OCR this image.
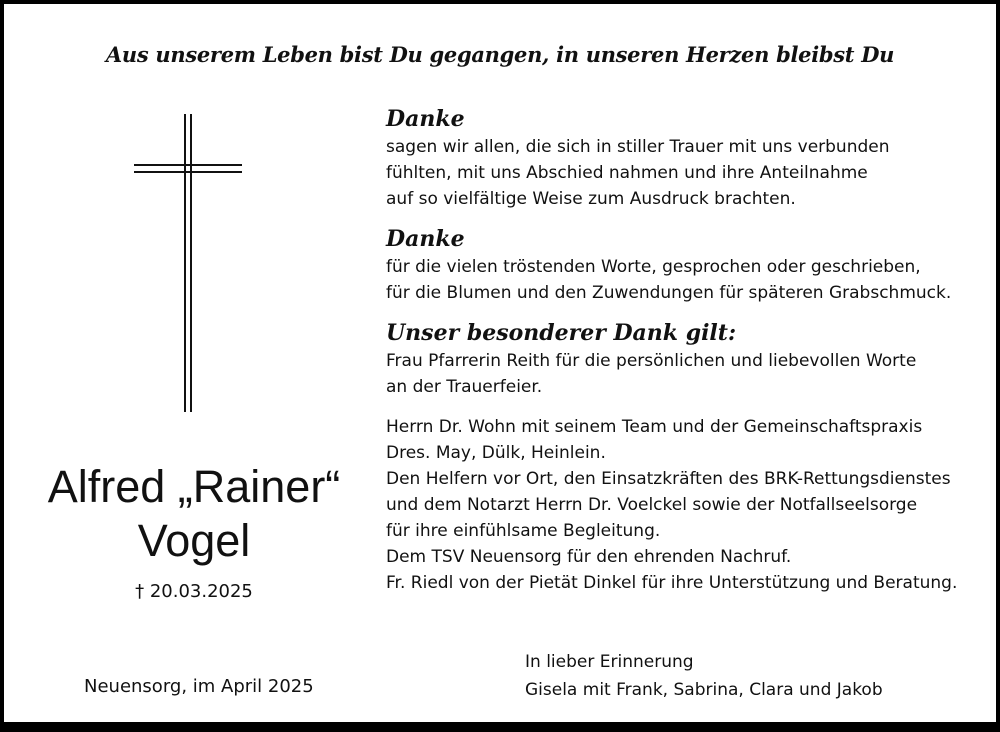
Aus unserem Leben bist Du gegangen, in unseren Herzen bleibst Du
Alfred „Rainer“
Vogel
† 20.03.2025
Neuensorg, im April 2025
Danke
sagen wir allen, die sich in stiller Trauer mit uns verbunden
fühlten, mit uns Abschied nahmen und ihre Anteilnahme
auf so vielfältige Weise zum Ausdruck brachten.
Danke
für die vielen tröstenden Worte, gesprochen oder geschrieben,
für die Blumen und den Zuwendungen für späteren Grabschmuck.
Unser besonderer Dank gilt:
Frau Pfarrerin Reith für die persönlichen und liebevollen Worte
an der Trauerfeier.
Herrn Dr. Wohn mit seinem Team und der Gemeinschaftspraxis
Dres. May, Dülk, Heinlein.
Den Helfern vor Ort, den Einsatzkräften des BRK-Rettungsdienstes
und dem Notarzt Herrn Dr. Voelckel sowie der Notfallseelsorge
für ihre einfühlsame Begleitung.
Dem TSV Neuensorg für den ehrenden Nachruf.
Fr. Riedl von der Pietät Dinkel für ihre Unterstützung und Beratung.
In lieber Erinnerung
Gisela mit Frank, Sabrina, Clara und Jakob
